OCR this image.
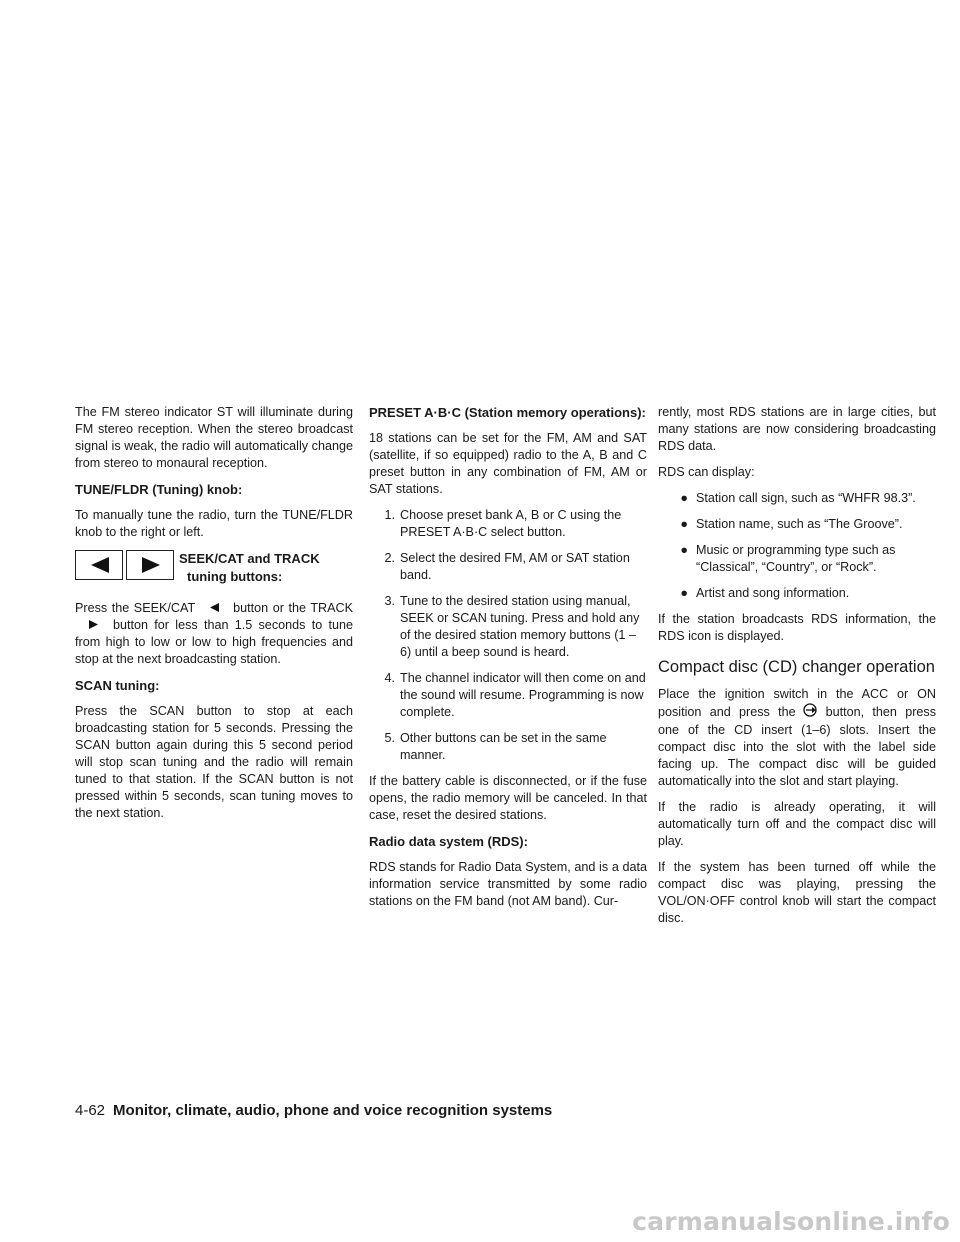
The FM stereo indicator ST will illuminate during FM stereo reception. When the stereo broadcast signal is weak, the radio will automatically change from stereo to monaural reception.

TUNE/FLDR (Tuning) knob:

To manually tune the radio, turn the TUNE/FLDR knob to the right or left.

SEEK/CAT and TRACK
tuning buttons:

Press the SEEK/CAT	button or the TRACKbutton for less than 1.5 seconds to tune from high to low or low to high frequencies and stop at the next broadcasting station.

SCAN tuning:

Press the SCAN button to stop at each broadcasting station for 5 seconds. Pressing the SCAN button again during this 5 second period will stop scan tuning and the radio will remain tuned to that station. If the SCAN button is not pressed within 5 seconds, scan tuning moves to the next station.

PRESET A·B·C (Station memory operations):

18 stations can be set for the FM, AM and SAT (satellite, if so equipped) radio to the A, B and C preset button in any combination of FM, AM or SAT stations.

1. Choose preset bank A, B or C using the PRESET A·B·C select button.
2. Select the desired FM, AM or SAT station band.
3. Tune to the desired station using manual, SEEK or SCAN tuning. Press and hold any of the desired station memory buttons (1 – 6) until a beep sound is heard.
4. The channel indicator will then come on and the sound will resume. Programming is now complete.
5. Other buttons can be set in the same manner.

If the battery cable is disconnected, or if the fuse opens, the radio memory will be canceled. In that case, reset the desired stations.

Radio data system (RDS):

RDS stands for Radio Data System, and is a data information service transmitted by some radio stations on the FM band (not AM band). Cur-

rently, most RDS stations are in large cities, but many stations are now considering broadcasting RDS data.

RDS can display:

● Station call sign, such as “WHFR 98.3”.
● Station name, such as “The Groove”.
● Music or programming type such as “Classical”, “Country”, or “Rock”.
● Artist and song information.

If the station broadcasts RDS information, the RDS icon is displayed.

Compact disc (CD) changer operation

Place the ignition switch in the ACC or ON position and press the button, then press one of the CD insert (1–6) slots. Insert the compact disc into the slot with the label side facing up. The compact disc will be guided automatically into the slot and start playing.

If the radio is already operating, it will automatically turn off and the compact disc will play.

If the system has been turned off while the compact disc was playing, pressing the VOL/ON·OFF control knob will start the compact disc.

4-62 Monitor, climate, audio, phone and voice recognition systems
carmanualsonline.info
